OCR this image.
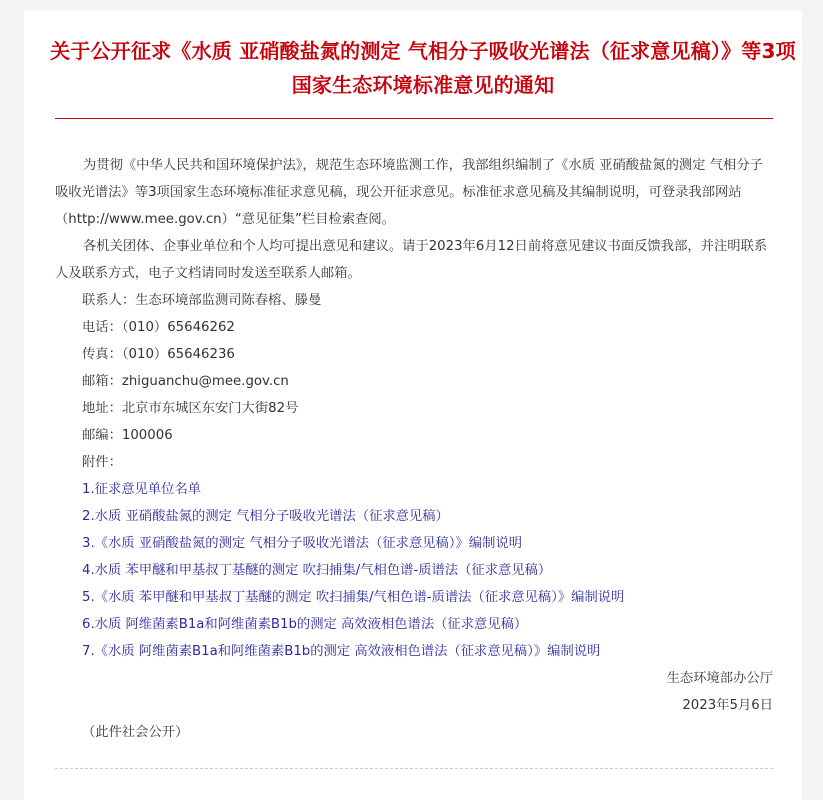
关于公开征求《水质 亚硝酸盐氮的测定 气相分子吸收光谱法（征求意见稿）》等3项国家生态环境标准意见的通知

为贯彻《中华人民共和国环境保护法》，规范生态环境监测工作，我部组织编制了《水质 亚硝酸盐氮的测定 气相分子吸收光谱法》等3项国家生态环境标准征求意见稿，现公开征求意见。标准征求意见稿及其编制说明，可登录我部网站（http://www.mee.gov.cn）“意见征集”栏目检索查阅。

各机关团体、企事业单位和个人均可提出意见和建议。请于2023年6月12日前将意见建议书面反馈我部，并注明联系人及联系方式，电子文档请同时发送至联系人邮箱。

联系人：生态环境部监测司陈春榕、滕曼

电话：（010）65646262

传真：（010）65646236

邮箱：zhiguanchu@mee.gov.cn

地址：北京市东城区东安门大街82号

邮编：100006

附件：

1.征求意见单位名单
2.水质 亚硝酸盐氮的测定 气相分子吸收光谱法（征求意见稿）
3.《水质 亚硝酸盐氮的测定 气相分子吸收光谱法（征求意见稿）》编制说明
4.水质 苯甲醚和甲基叔丁基醚的测定 吹扫捕集/气相色谱-质谱法（征求意见稿）
5.《水质 苯甲醚和甲基叔丁基醚的测定 吹扫捕集/气相色谱-质谱法（征求意见稿）》编制说明
6.水质 阿维菌素B1a和阿维菌素B1b的测定 高效液相色谱法（征求意见稿）
7.《水质 阿维菌素B1a和阿维菌素B1b的测定 高效液相色谱法（征求意见稿）》编制说明

生态环境部办公厅

2023年5月6日

（此件社会公开）
